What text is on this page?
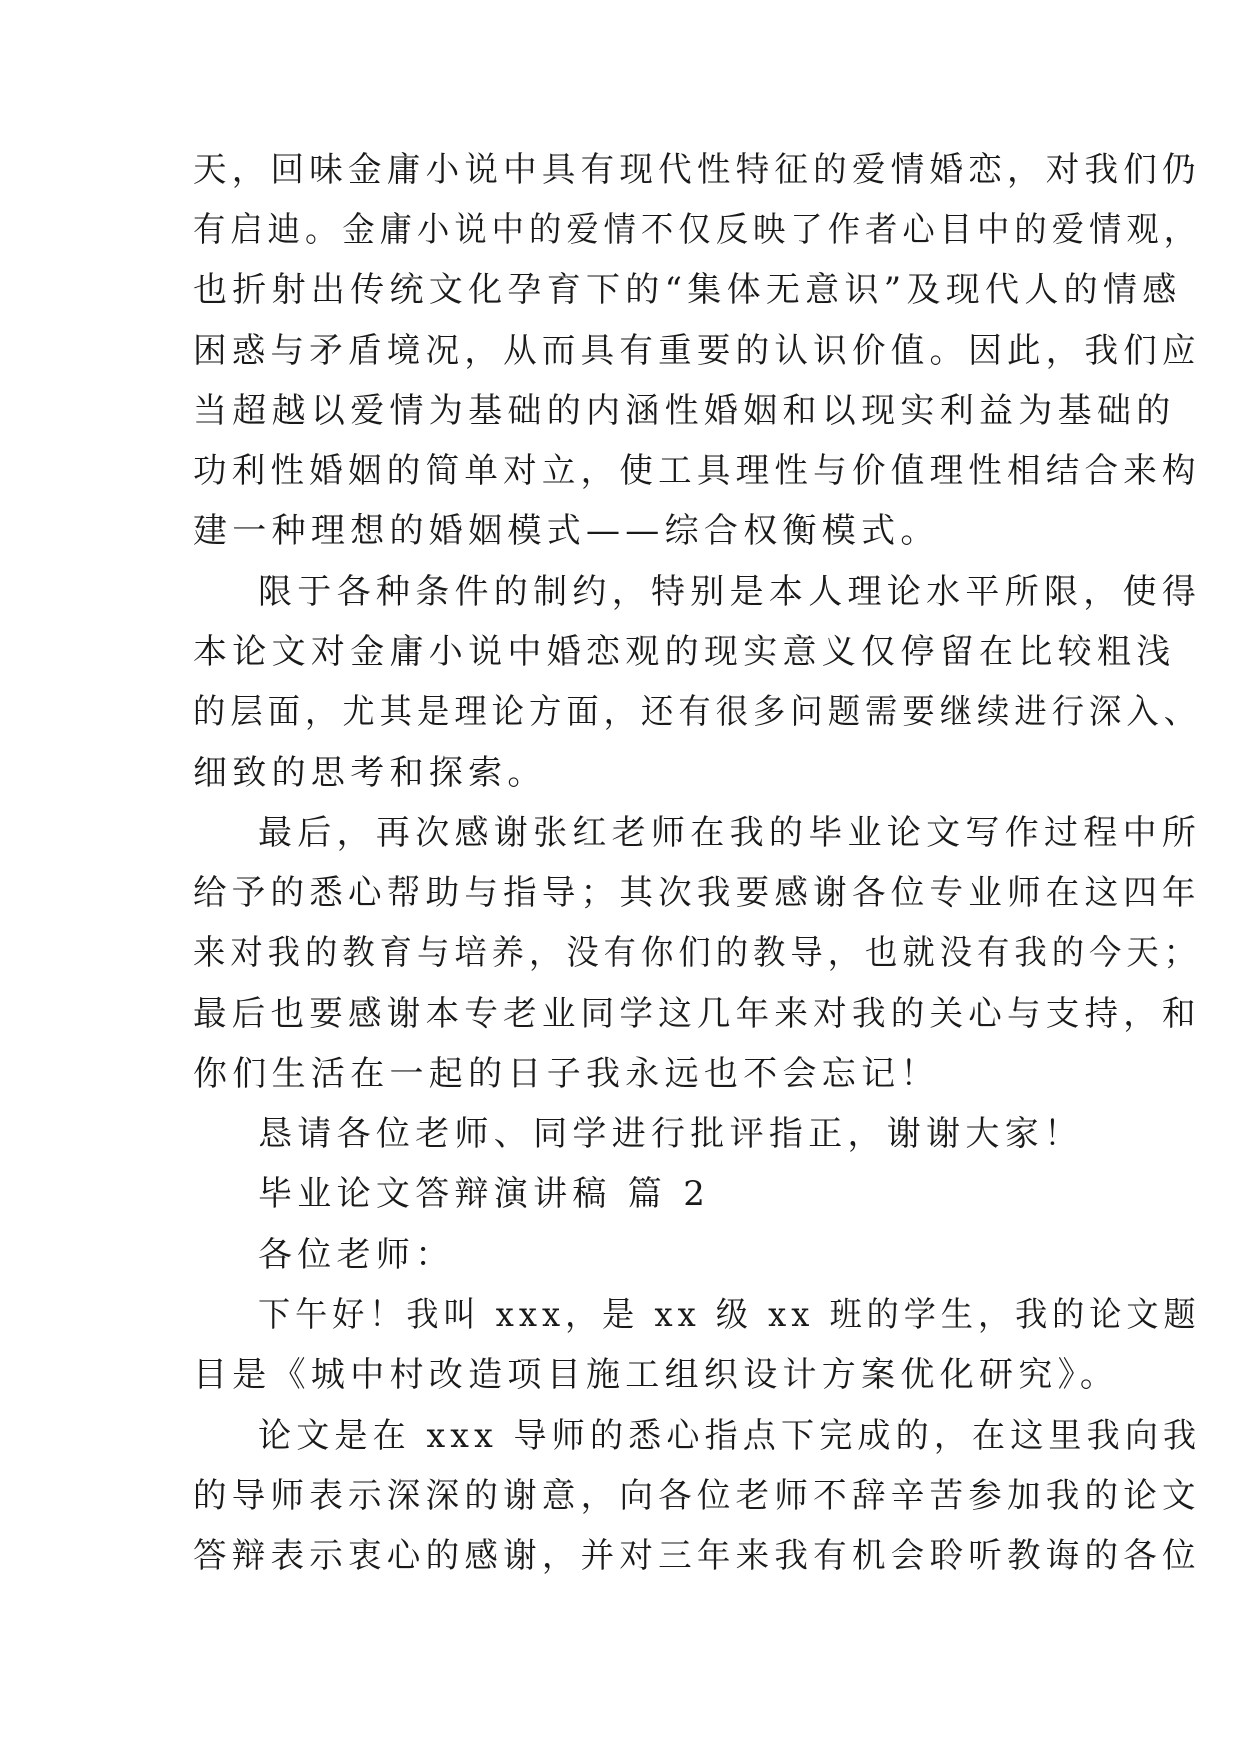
天，回味金庸小说中具有现代性特征的爱情婚恋，对我们仍
有启迪。金庸小说中的爱情不仅反映了作者心目中的爱情观，
也折射出传统文化孕育下的“集体无意识”及现代人的情感
困惑与矛盾境况，从而具有重要的认识价值。因此，我们应
当超越以爱情为基础的内涵性婚姻和以现实利益为基础的
功利性婚姻的简单对立，使工具理性与价值理性相结合来构
建一种理想的婚姻模式——综合权衡模式。
限于各种条件的制约，特别是本人理论水平所限，使得
本论文对金庸小说中婚恋观的现实意义仅停留在比较粗浅
的层面，尤其是理论方面，还有很多问题需要继续进行深入、
细致的思考和探索。
最后，再次感谢张红老师在我的毕业论文写作过程中所
给予的悉心帮助与指导；其次我要感谢各位专业师在这四年
来对我的教育与培养，没有你们的教导，也就没有我的今天；
最后也要感谢本专老业同学这几年来对我的关心与支持，和
你们生活在一起的日子我永远也不会忘记！
恳请各位老师、同学进行批评指正，谢谢大家！
毕业论文答辩演讲稿 篇 2
各位老师：
下午好！我叫 xxx，是 xx 级 xx 班的学生，我的论文题
目是《城中村改造项目施工组织设计方案优化研究》。
论文是在 xxx 导师的悉心指点下完成的，在这里我向我
的导师表示深深的谢意，向各位老师不辞辛苦参加我的论文
答辩表示衷心的感谢，并对三年来我有机会聆听教诲的各位
